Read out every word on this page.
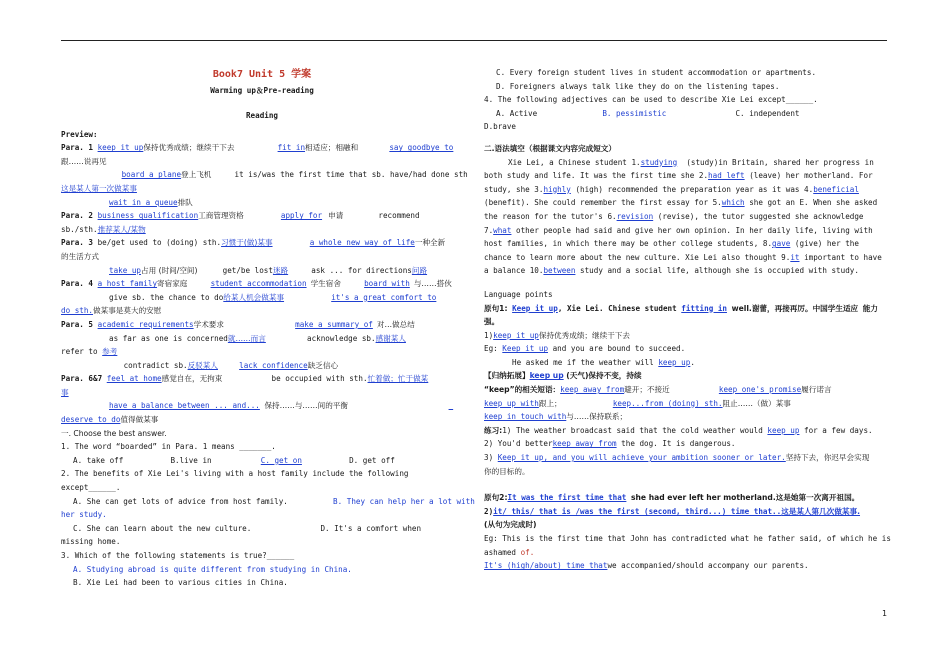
Book7 Unit 5 学案
Warming up＆Pre-reading
Reading
Preview:
Para. 1 keep it up保持优秀成绩；继续干下去	fit in相适应；相融和	say goodbye to
跟……说再见
board a plane登上飞机	it is/was the first time that sb. have/had done sth
这是某人第一次做某事
wait in a queue排队
Para. 2 business qualification工商管理资格	apply for 申请	recommend
sb./sth.推荐某人/某物
Para. 3 be/get used to (doing) sth.习惯于(做)某事	a whole new way of life一种全新
的生活方式
take up占用 (时间/空间)	get/be lost迷路	ask ... for directions问路
Para. 4 a host family寄宿家庭	student accommodation 学生宿舍	board with 与……搭伙
give sb. the chance to do给某人机会做某事	it's a great comfort to
do sth.做某事是莫大的安慰
Para. 5 academic requirements学术要求	make a summary of 对…做总结
as far as one is concerned就……而言	acknowledge sb.感谢某人
refer to 参考
contradict sb.反驳某人	lack confidence缺乏信心
Para. 6&7 feel at home感觉自在，无拘束	be occupied with sth.忙着做；忙于做某
事
have a balance between ... and... 保持……与……间的平衡
deserve to do值得做某事
一. Choose the best answer.
1. The word “boarded” in Para. 1 means _______.
A. take off	B.live in	C. get on	D. get off
2. The benefits of Xie Lei's living with a host family include the following
except______.
A. She can get lots of advice from host family.	B. They can help her a lot with
her study.
C. She can learn about the new culture.	D. It's a comfort when
missing home.
3. Which of the following statements is true?______
A. Studying abroad is quite different from studying in China.
B. Xie Lei had been to various cities in China.
C. Every foreign student lives in student accommodation or apartments.
D. Foreigners always talk like they do on the listening tapes.
4. The following adjectives can be used to describe Xie Lei except______.
A. Active	B. pessimistic	C. independent
D.brave
二.语法填空（根据课文内容完成短文）
Xie Lei, a Chinese student 1.studying (study)in Britain, shared her progress in both study and life. It was the first time she 2.had left (leave) her motherland. For study, she 3.highly (high) recommended the preparation year as it was 4.beneficial (benefit). She could remember the first essay for 5.which she got an E. When she asked the reason for the tutor's 6.revision (revise), the tutor suggested she acknowledge 7.what other people had said and give her own opinion. In her daily life, living with host families, in which there may be other college students, 8.gave (give) her the chance to learn more about the new culture. Xie Lei also thought 9.it important to have a balance 10.between study and a social life, although she is occupied with study.
Language points
原句1: Keep it up, Xie Lei. Chinese student fitting in well.谢蕾，再接再厉。中国学生适应 能力强。
1)keep it up保持优秀成绩；继续干下去
Eg: Keep it up and you are bound to succeed.
He asked me if the weather will keep up.
【归纳拓展】keep up (天气)保持不变，持续
“keep”的相关短语：keep away from避开；不接近	keep one's promise履行诺言
keep up with跟上；	keep...from (doing) sth.阻止……（做）某事
keep in touch with与……保持联系；
练习:1) The weather broadcast said that the cold weather would keep up for a few days.
2) You'd betterkeep away from the dog. It is dangerous.
3) Keep it up, and you will achieve your ambition sooner or later.坚持下去，你迟早会实现
你的目标的。
原句2:It was the first time that she had ever left her motherland.这是她第一次离开祖国。
2)it/ this/ that is /was the first (second, third...) time that..这是某人第几次做某事.
(从句为完成时)
Eg: This is the first time that John has contradicted what he father said, of which he is
ashamed of.
It's (high/about) time thatwe accompanied/should accompany our parents.
1
